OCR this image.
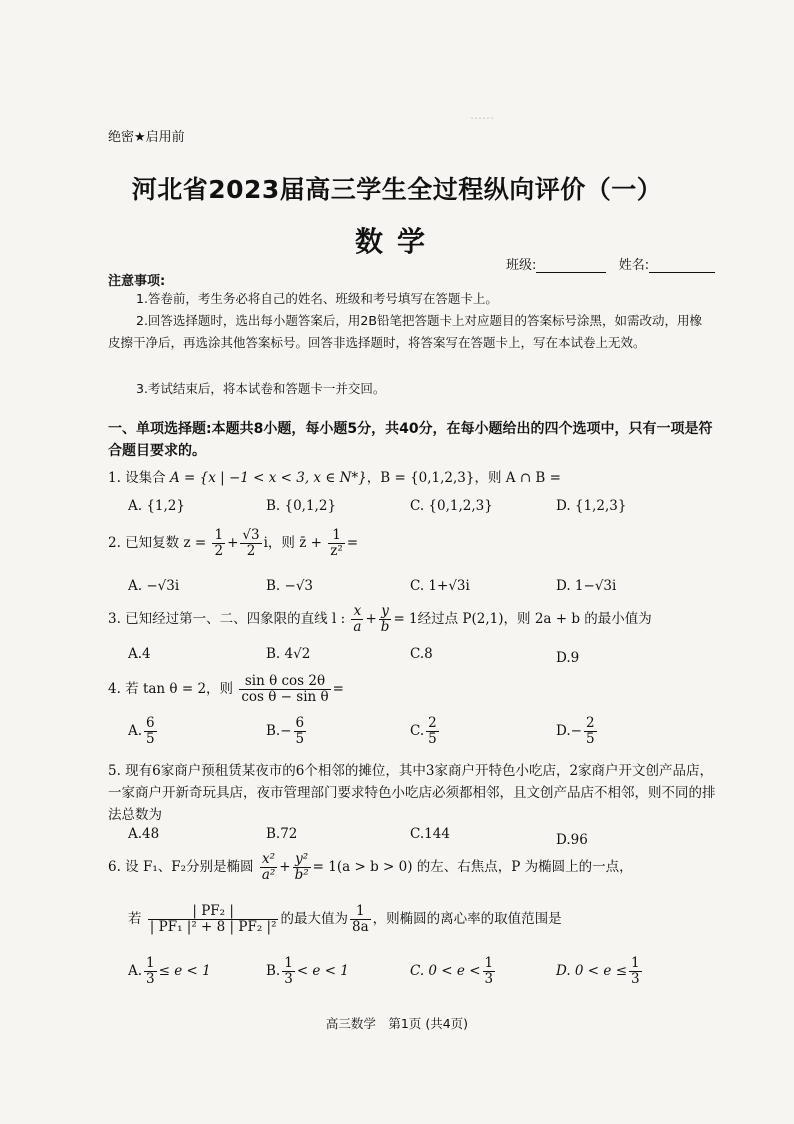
……
绝密★启用前
河北省2023届高三学生全过程纵向评价（一）
数学
班级:	姓名:
注意事项:
1.答卷前，考生务必将自己的姓名、班级和考号填写在答题卡上。
2.回答选择题时，选出每小题答案后，用2B铅笔把答题卡上对应题目的答案标号涂黑，如需改动，用橡皮擦干净后，再选涂其他答案标号。回答非选择题时，将答案写在答题卡上，写在本试卷上无效。
3.考试结束后，将本试卷和答题卡一并交回。
一、单项选择题:本题共8小题，每小题5分，共40分，在每小题给出的四个选项中，只有一项是符合题目要求的。
1. 设集合 A = {x | −1 < x < 3, x ∈ N*}，B = {0,1,2,3}，则 A ∩ B =
A. {1,2}	B. {0,1,2}	C. {0,1,2,3}	D. {1,2,3}
2. 已知复数 $z = \frac{1}{2} + \frac{√3}{2}$ i，则 z̄ + $\frac{1}{\text{z²}}$ =
A. −√3i	B. −√3	C. 1+√3i	D. 1−√3i
3. 已知经过第一、二、四象限的直线 l : $\frac{x}{a} + \frac{y}{b} = 1$经过点 P(2,1)，则 2a + b 的最小值为
A.4	B. 4√2	C.8	D.9
4. 若 tan θ = 2，则 $\frac{\text{sin θ cos 2θ}}{\text{cos θ − sin θ}}$ =
A. $\frac{6}{5}$	$B.- \frac{6}{5}$	C. $\frac{2}{5}$	$D.- \frac{2}{5}$
5. 现有6家商户预租赁某夜市的6个相邻的摊位，其中3家商户开特色小吃店，2家商户开文创产品店，一家商户开新奇玩具店，夜市管理部门要求特色小吃店必须都相邻，且文创产品店不相邻，则不同的排法总数为
A.48	B.72	C.144	D.96
6. 设 F₁、F₂分别是椭圆 $\frac{\text{x²}}{\text{a²}} + \frac{\text{y²}}{\text{b²}} = 1(a > b > 0)$ 的左、右焦点，P 为椭圆上的一点，
若 $\frac{\text{| PF₂ |}}{\text{| PF₁ |² + 8 | PF₂ |²}}$ 的最大值为 $\frac{1}{8a}$ ，则椭圆的离心率的取值范围是
A. $\frac{1}{3} \le e < 1$	B. $\frac{1}{3} < e < 1$	C. $0 < e < \frac{1}{3}$	D. $0 < e \le \frac{1}{3}$
高三数学　第1页 (共4页)
